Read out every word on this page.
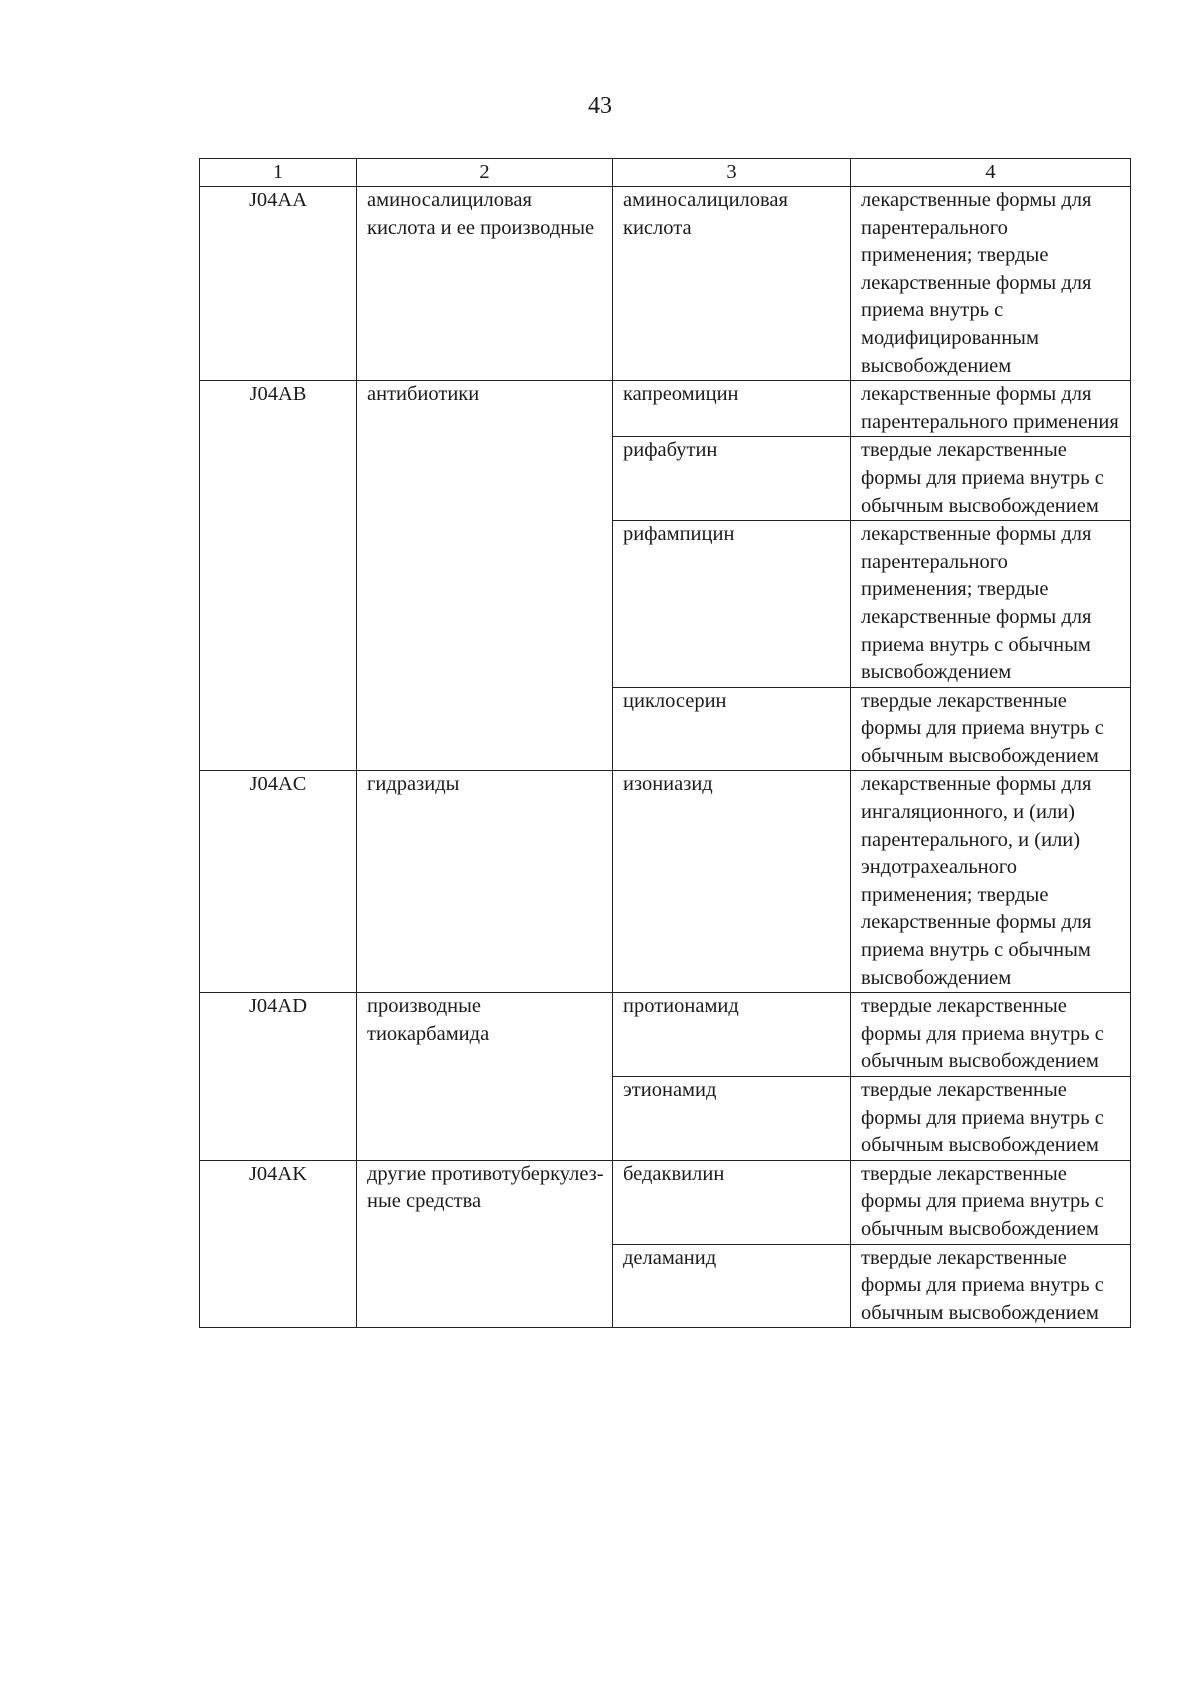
43
1	2	3	4
J04AA	аминосалициловая кислота и ее производные	аминосалициловая кислота	лекарственные формы для парентерального применения; твердые лекарственные формы для приема внутрь с модифицированным высвобождением
J04AB	антибиотики	капреомицин	лекарственные формы для парентерального применения
		рифабутин	твердые лекарственные формы для приема внутрь с обычным высвобождением
		рифампицин	лекарственные формы для парентерального применения; твердые лекарственные формы для приема внутрь с обычным высвобождением
		циклосерин	твердые лекарственные формы для приема внутрь с обычным высвобождением
J04AC	гидразиды	изониазид	лекарственные формы для ингаляционного, и (или) парентерального, и (или) эндотрахеального применения; твердые лекарственные формы для приема внутрь с обычным высвобождением
J04AD	производные тиокарбамида	протионамид	твердые лекарственные формы для приема внутрь с обычным высвобождением
		этионамид	твердые лекарственные формы для приема внутрь с обычным высвобождением
J04AK	другие противотуберкулез-ные средства	бедаквилин	твердые лекарственные формы для приема внутрь с обычным высвобождением
		деламанид	твердые лекарственные формы для приема внутрь с обычным высвобождением
